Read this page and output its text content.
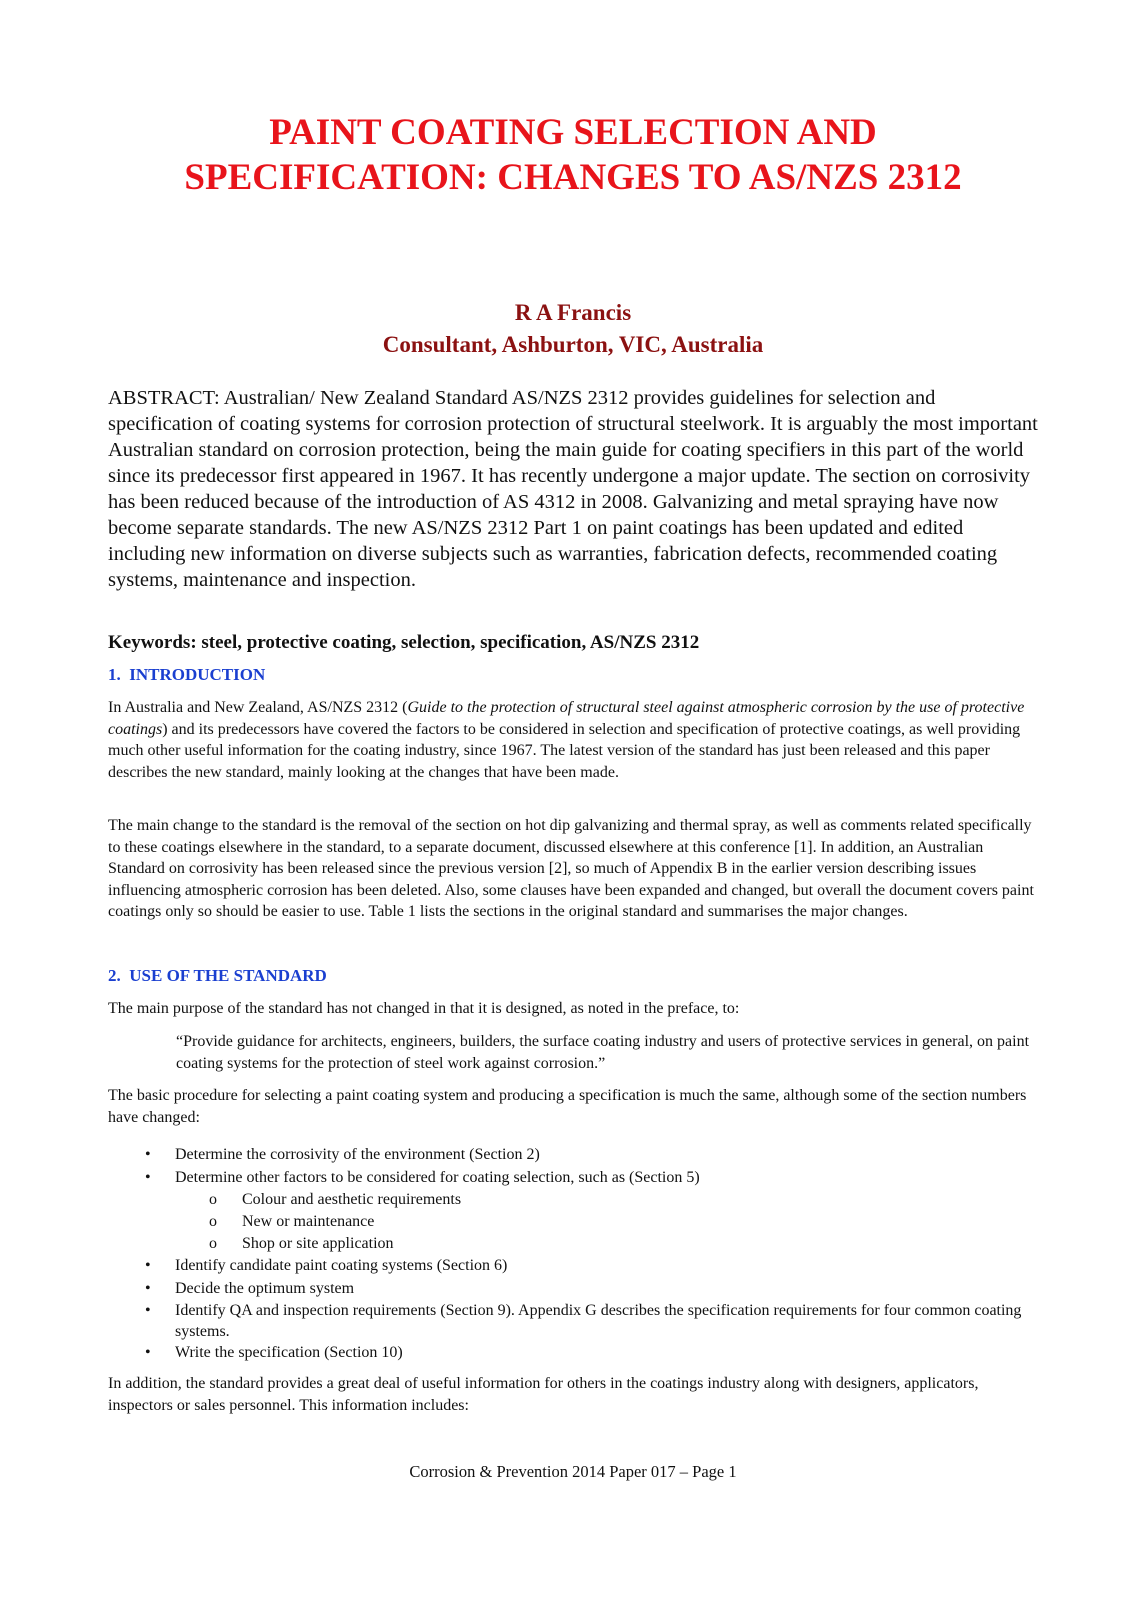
PAINT COATING SELECTION AND
SPECIFICATION: CHANGES TO AS/NZS 2312
R A Francis
Consultant, Ashburton, VIC, Australia
ABSTRACT: Australian/ New Zealand Standard AS/NZS 2312 provides guidelines for selection and specification of coating systems for corrosion protection of structural steelwork. It is arguably the most important Australian standard on corrosion protection, being the main guide for coating specifiers in this part of the world since its predecessor first appeared in 1967. It has recently undergone a major update. The section on corrosivity has been reduced because of the introduction of AS 4312 in 2008. Galvanizing and metal spraying have now become separate standards. The new AS/NZS 2312 Part 1 on paint coatings has been updated and edited including new information on diverse subjects such as warranties, fabrication defects, recommended coating systems, maintenance and inspection.
Keywords: steel, protective coating, selection, specification, AS/NZS 2312
1.  INTRODUCTION
In Australia and New Zealand, AS/NZS 2312 (Guide to the protection of structural steel against atmospheric corrosion by the use of protective coatings) and its predecessors have covered the factors to be considered in selection and specification of protective coatings, as well providing much other useful information for the coating industry, since 1967. The latest version of the standard has just been released and this paper describes the new standard, mainly looking at the changes that have been made.
The main change to the standard is the removal of the section on hot dip galvanizing and thermal spray, as well as comments related specifically to these coatings elsewhere in the standard, to a separate document, discussed elsewhere at this conference [1]. In addition, an Australian Standard on corrosivity has been released since the previous version [2], so much of Appendix B in the earlier version describing issues influencing atmospheric corrosion has been deleted. Also, some clauses have been expanded and changed, but overall the document covers paint coatings only so should be easier to use. Table 1 lists the sections in the original standard and summarises the major changes.
2.  USE OF THE STANDARD
The main purpose of the standard has not changed in that it is designed, as noted in the preface, to:
“Provide guidance for architects, engineers, builders, the surface coating industry and users of protective services in general, on paint coating systems for the protection of steel work against corrosion.”
The basic procedure for selecting a paint coating system and producing a specification is much the same, although some of the section numbers have changed:
• Determine the corrosivity of the environment (Section 2)
• Determine other factors to be considered for coating selection, such as (Section 5)
o Colour and aesthetic requirements
o New or maintenance
o Shop or site application
• Identify candidate paint coating systems (Section 6)
• Decide the optimum system
• Identify QA and inspection requirements (Section 9). Appendix G describes the specification requirements for four common coating systems.
• Write the specification (Section 10)
In addition, the standard provides a great deal of useful information for others in the coatings industry along with designers, applicators, inspectors or sales personnel. This information includes:
Corrosion & Prevention 2014 Paper 017 – Page 1
